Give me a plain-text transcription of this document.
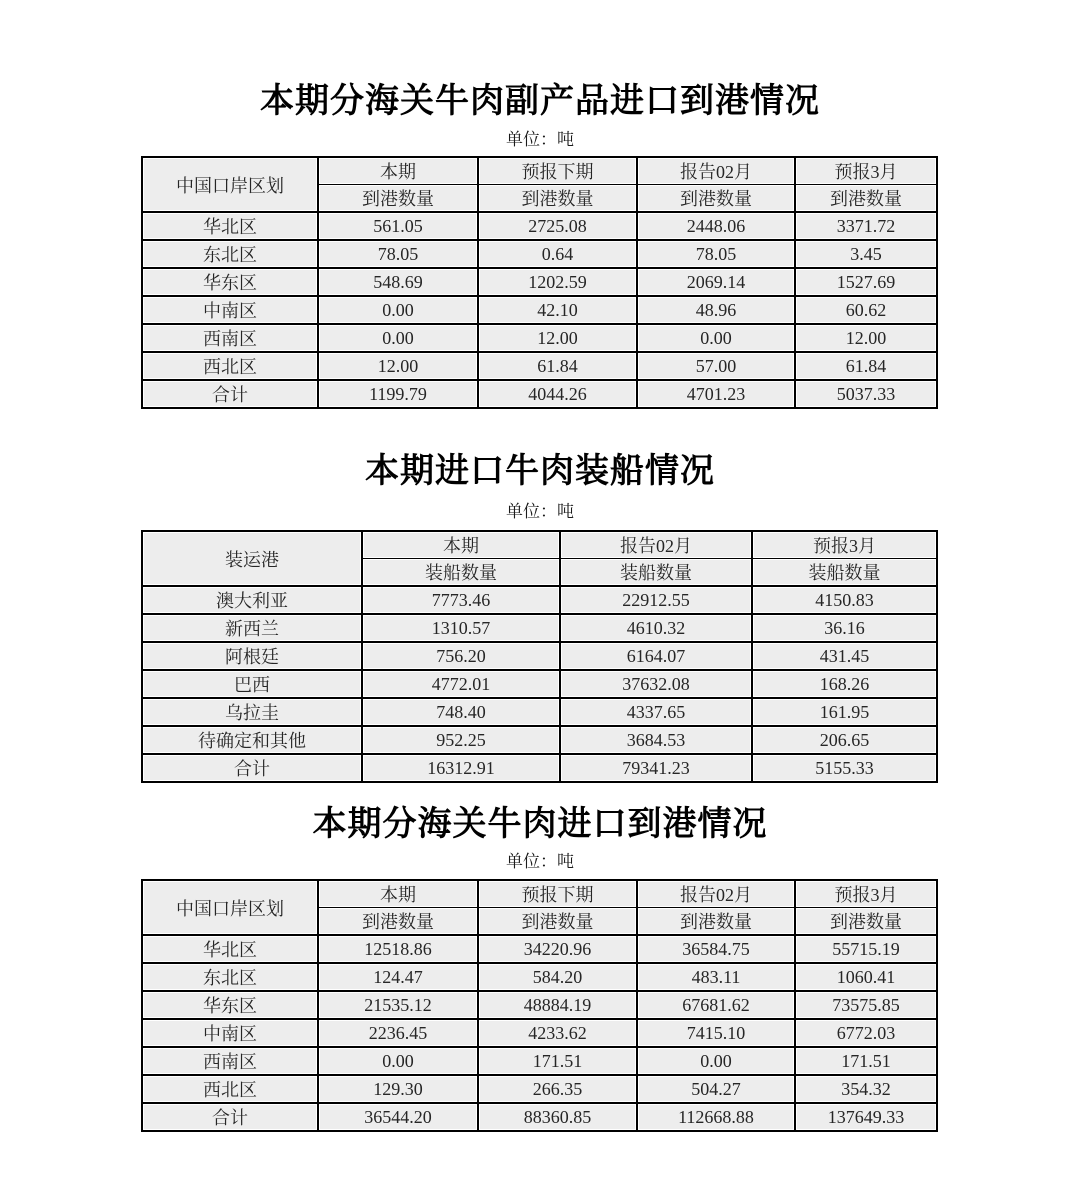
本期分海关牛肉副产品进口到港情况
单位：吨
中国口岸区划	本期	预报下期	报告02月	预报3月
	到港数量	到港数量	到港数量	到港数量
华北区	561.05	2725.08	2448.06	3371.72
东北区	78.05	0.64	78.05	3.45
华东区	548.69	1202.59	2069.14	1527.69
中南区	0.00	42.10	48.96	60.62
西南区	0.00	12.00	0.00	12.00
西北区	12.00	61.84	57.00	61.84
合计	1199.79	4044.26	4701.23	5037.33
本期进口牛肉装船情况
单位：吨
装运港	本期	报告02月	预报3月
	装船数量	装船数量	装船数量
澳大利亚	7773.46	22912.55	4150.83
新西兰	1310.57	4610.32	36.16
阿根廷	756.20	6164.07	431.45
巴西	4772.01	37632.08	168.26
乌拉圭	748.40	4337.65	161.95
待确定和其他	952.25	3684.53	206.65
合计	16312.91	79341.23	5155.33
本期分海关牛肉进口到港情况
单位：吨
中国口岸区划	本期	预报下期	报告02月	预报3月
	到港数量	到港数量	到港数量	到港数量
华北区	12518.86	34220.96	36584.75	55715.19
东北区	124.47	584.20	483.11	1060.41
华东区	21535.12	48884.19	67681.62	73575.85
中南区	2236.45	4233.62	7415.10	6772.03
西南区	0.00	171.51	0.00	171.51
西北区	129.30	266.35	504.27	354.32
合计	36544.20	88360.85	112668.88	137649.33
